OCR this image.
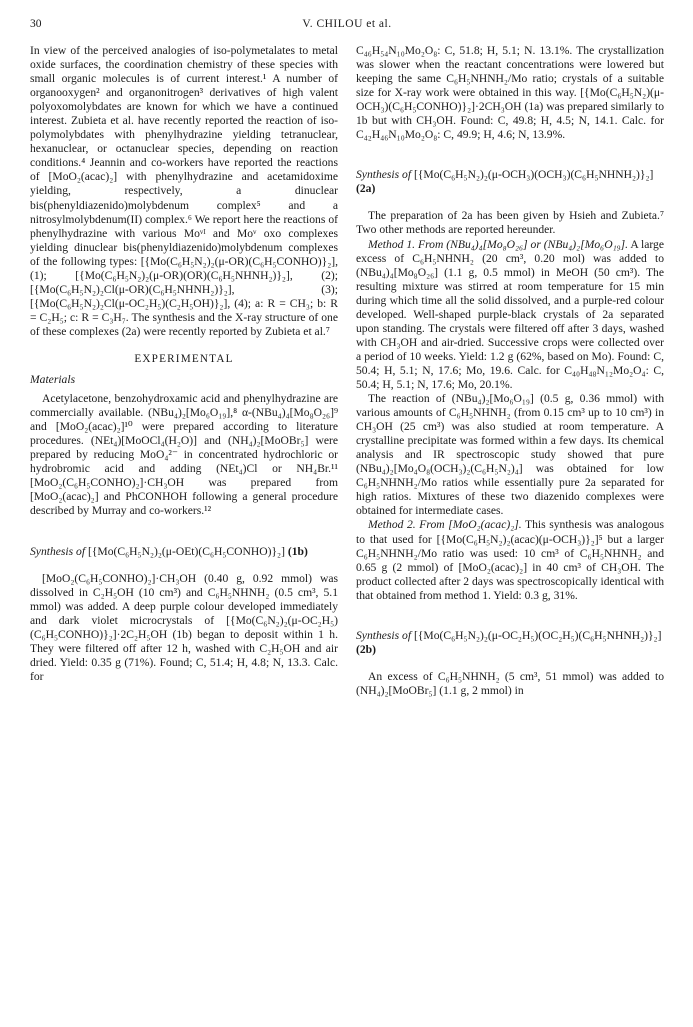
30	V. CHILOU et al.

In view of the perceived analogies of iso-polymetalates to metal oxide surfaces, the coordination chemistry of these species with small organic molecules is of current interest.¹ A number of organooxygen² and organonitrogen³ derivatives of high valent polyoxomolybdates are known for which we have a continued interest. Zubieta et al. have recently reported the reaction of iso-polymolybdates with phenylhydrazine yielding tetranuclear, hexanuclear, or octanuclear species, depending on reaction conditions.⁴ Jeannin and co-workers have reported the reactions of [MoO₂(acac)₂] with phenylhydrazine and acetamidoxime yielding, respectively, a dinuclear bis(phenyldiazenido)molybdenum complex⁵ and a nitrosylmolybdenum(II) complex.⁶ We report here the reactions of phenylhydrazine with various Moᵛᴵ and Moᵛ oxo complexes yielding dinuclear bis(phenyldiazenido)molybdenum complexes of the following types: [{Mo(C₆H₅N₂)₂(μ-OR)(C₆H₅CONHO)}₂], (1); [{Mo(C₆H₅N₂)₂(μ-OR)(OR)(C₆H₅NHNH₂)}₂], (2); [{Mo(C₆H₅N₂)₂Cl(μ-OR)(C₆H₅NHNH₂)}₂], (3); [{Mo(C₆H₅N₂)₂Cl(μ-OC₂H₅)(C₂H₅OH)}₂], (4); a: R = CH₃; b: R = C₂H₅; c: R = C₃H₇. The synthesis and the X-ray structure of one of these complexes (2a) were recently reported by Zubieta et al.⁷

EXPERIMENTAL
Materials

Acetylacetone, benzohydroxamic acid and phenylhydrazine are commercially available. (NBu₄)₂[Mo₆O₁₉],⁸ α-(NBu₄)₄[Mo₈O₂₆]⁹ and [MoO₂(acac)₂]¹⁰ were prepared according to literature procedures. (NEt₄)[MoOCl₄(H₂O)] and (NH₄)₂[MoOBr₅] were prepared by reducing MoO₄²⁻ in concentrated hydrochloric or hydrobromic acid and adding (NEt₄)Cl or NH₄Br.¹¹ [MoO₂(C₆H₅CONHO)₂]·CH₃OH was prepared from [MoO₂(acac)₂] and PhCONHOH following a general procedure described by Murray and co-workers.¹²

Synthesis of [{Mo(C₆H₅N₂)₂(μ-OEt)(C₆H₅CONHO)}₂] (1b)

[MoO₂(C₆H₅CONHO)₂]·CH₃OH (0.40 g, 0.92 mmol) was dissolved in C₂H₅OH (10 cm³) and C₆H₅NHNH₂ (0.5 cm³, 5.1 mmol) was added. A deep purple colour developed immediately and dark violet microcrystals of [{Mo(C₆N₂)₂(μ-OC₂H₅)(C₆H₅CONHO)}₂]·2C₂H₅OH (1b) began to deposit within 1 h. They were filtered off after 12 h, washed with C₂H₅OH and air dried. Yield: 0.35 g (71%). Found; C, 51.4; H, 4.8; N, 13.3. Calc. for

C₄₆H₅₄N₁₀Mo₂O₈: C, 51.8; H, 5.1; N. 13.1%. The crystallization was slower when the reactant concentrations were lowered but keeping the same C₆H₅NHNH₂/Mo ratio; crystals of a suitable size for X-ray work were obtained in this way. [{Mo(C₆H₅N₂)(μ-OCH₃)(C₆H₅CONHO)}₂]·2CH₃OH (1a) was prepared similarly to 1b but with CH₃OH. Found: C, 49.8; H, 4.5; N, 14.1. Calc. for C₄₂H₄₆N₁₀Mo₂O₈: C, 49.9; H, 4.6; N, 13.9%.

Synthesis of [{Mo(C₆H₅N₂)₂(μ-OCH₃)(OCH₃)(C₆H₅NHNH₂)}₂] (2a)

The preparation of 2a has been given by Hsieh and Zubieta.⁷ Two other methods are reported hereunder.

Method 1. From (NBu₄)₄[Mo₈O₂₆] or (NBu₄)₂[Mo₆O₁₉]. A large excess of C₆H₅NHNH₂ (20 cm³, 0.20 mol) was added to (NBu₄)₄[Mo₈O₂₆] (1.1 g, 0.5 mmol) in MeOH (50 cm³). The resulting mixture was stirred at room temperature for 15 min during which time all the solid dissolved, and a purple-red colour developed. Well-shaped purple-black crystals of 2a separated upon standing. The crystals were filtered off after 3 days, washed with CH₃OH and air-dried. Successive crops were collected over a period of 10 weeks. Yield: 1.2 g (62%, based on Mo). Found: C, 50.4; H, 5.1; N, 17.6; Mo, 19.6. Calc. for C₄₀H₄₈N₁₂Mo₂O₄: C, 50.4; H, 5.1; N, 17.6; Mo, 20.1%.

The reaction of (NBu₄)₂[Mo₆O₁₉] (0.5 g, 0.36 mmol) with various amounts of C₆H₅NHNH₂ (from 0.15 cm³ up to 10 cm³) in CH₃OH (25 cm³) was also studied at room temperature. A crystalline precipitate was formed within a few days. Its chemical analysis and IR spectroscopic study showed that pure (NBu₄)₂[Mo₄O₈(OCH₃)₂(C₆H₅N₂)₄] was obtained for low C₆H₅NHNH₂/Mo ratios while essentially pure 2a separated for high ratios. Mixtures of these two diazenido complexes were obtained for intermediate cases.

Method 2. From [MoO₂(acac)₂]. This synthesis was analogous to that used for [{Mo(C₆H₅N₂)₂(acac)(μ-OCH₃)}₂]⁵ but a larger C₆H₅NHNH₂/Mo ratio was used: 10 cm³ of C₆H₅NHNH₂ and 0.65 g (2 mmol) of [MoO₂(acac)₂] in 40 cm³ of CH₃OH. The product collected after 2 days was spectroscopically identical with that obtained from method 1. Yield: 0.3 g, 31%.

Synthesis of [{Mo(C₆H₅N₂)₂(μ-OC₂H₅)(OC₂H₅)(C₆H₅NHNH₂)}₂] (2b)

An excess of C₆H₅NHNH₂ (5 cm³, 51 mmol) was added to (NH₄)₂[MoOBr₅] (1.1 g, 2 mmol) in
